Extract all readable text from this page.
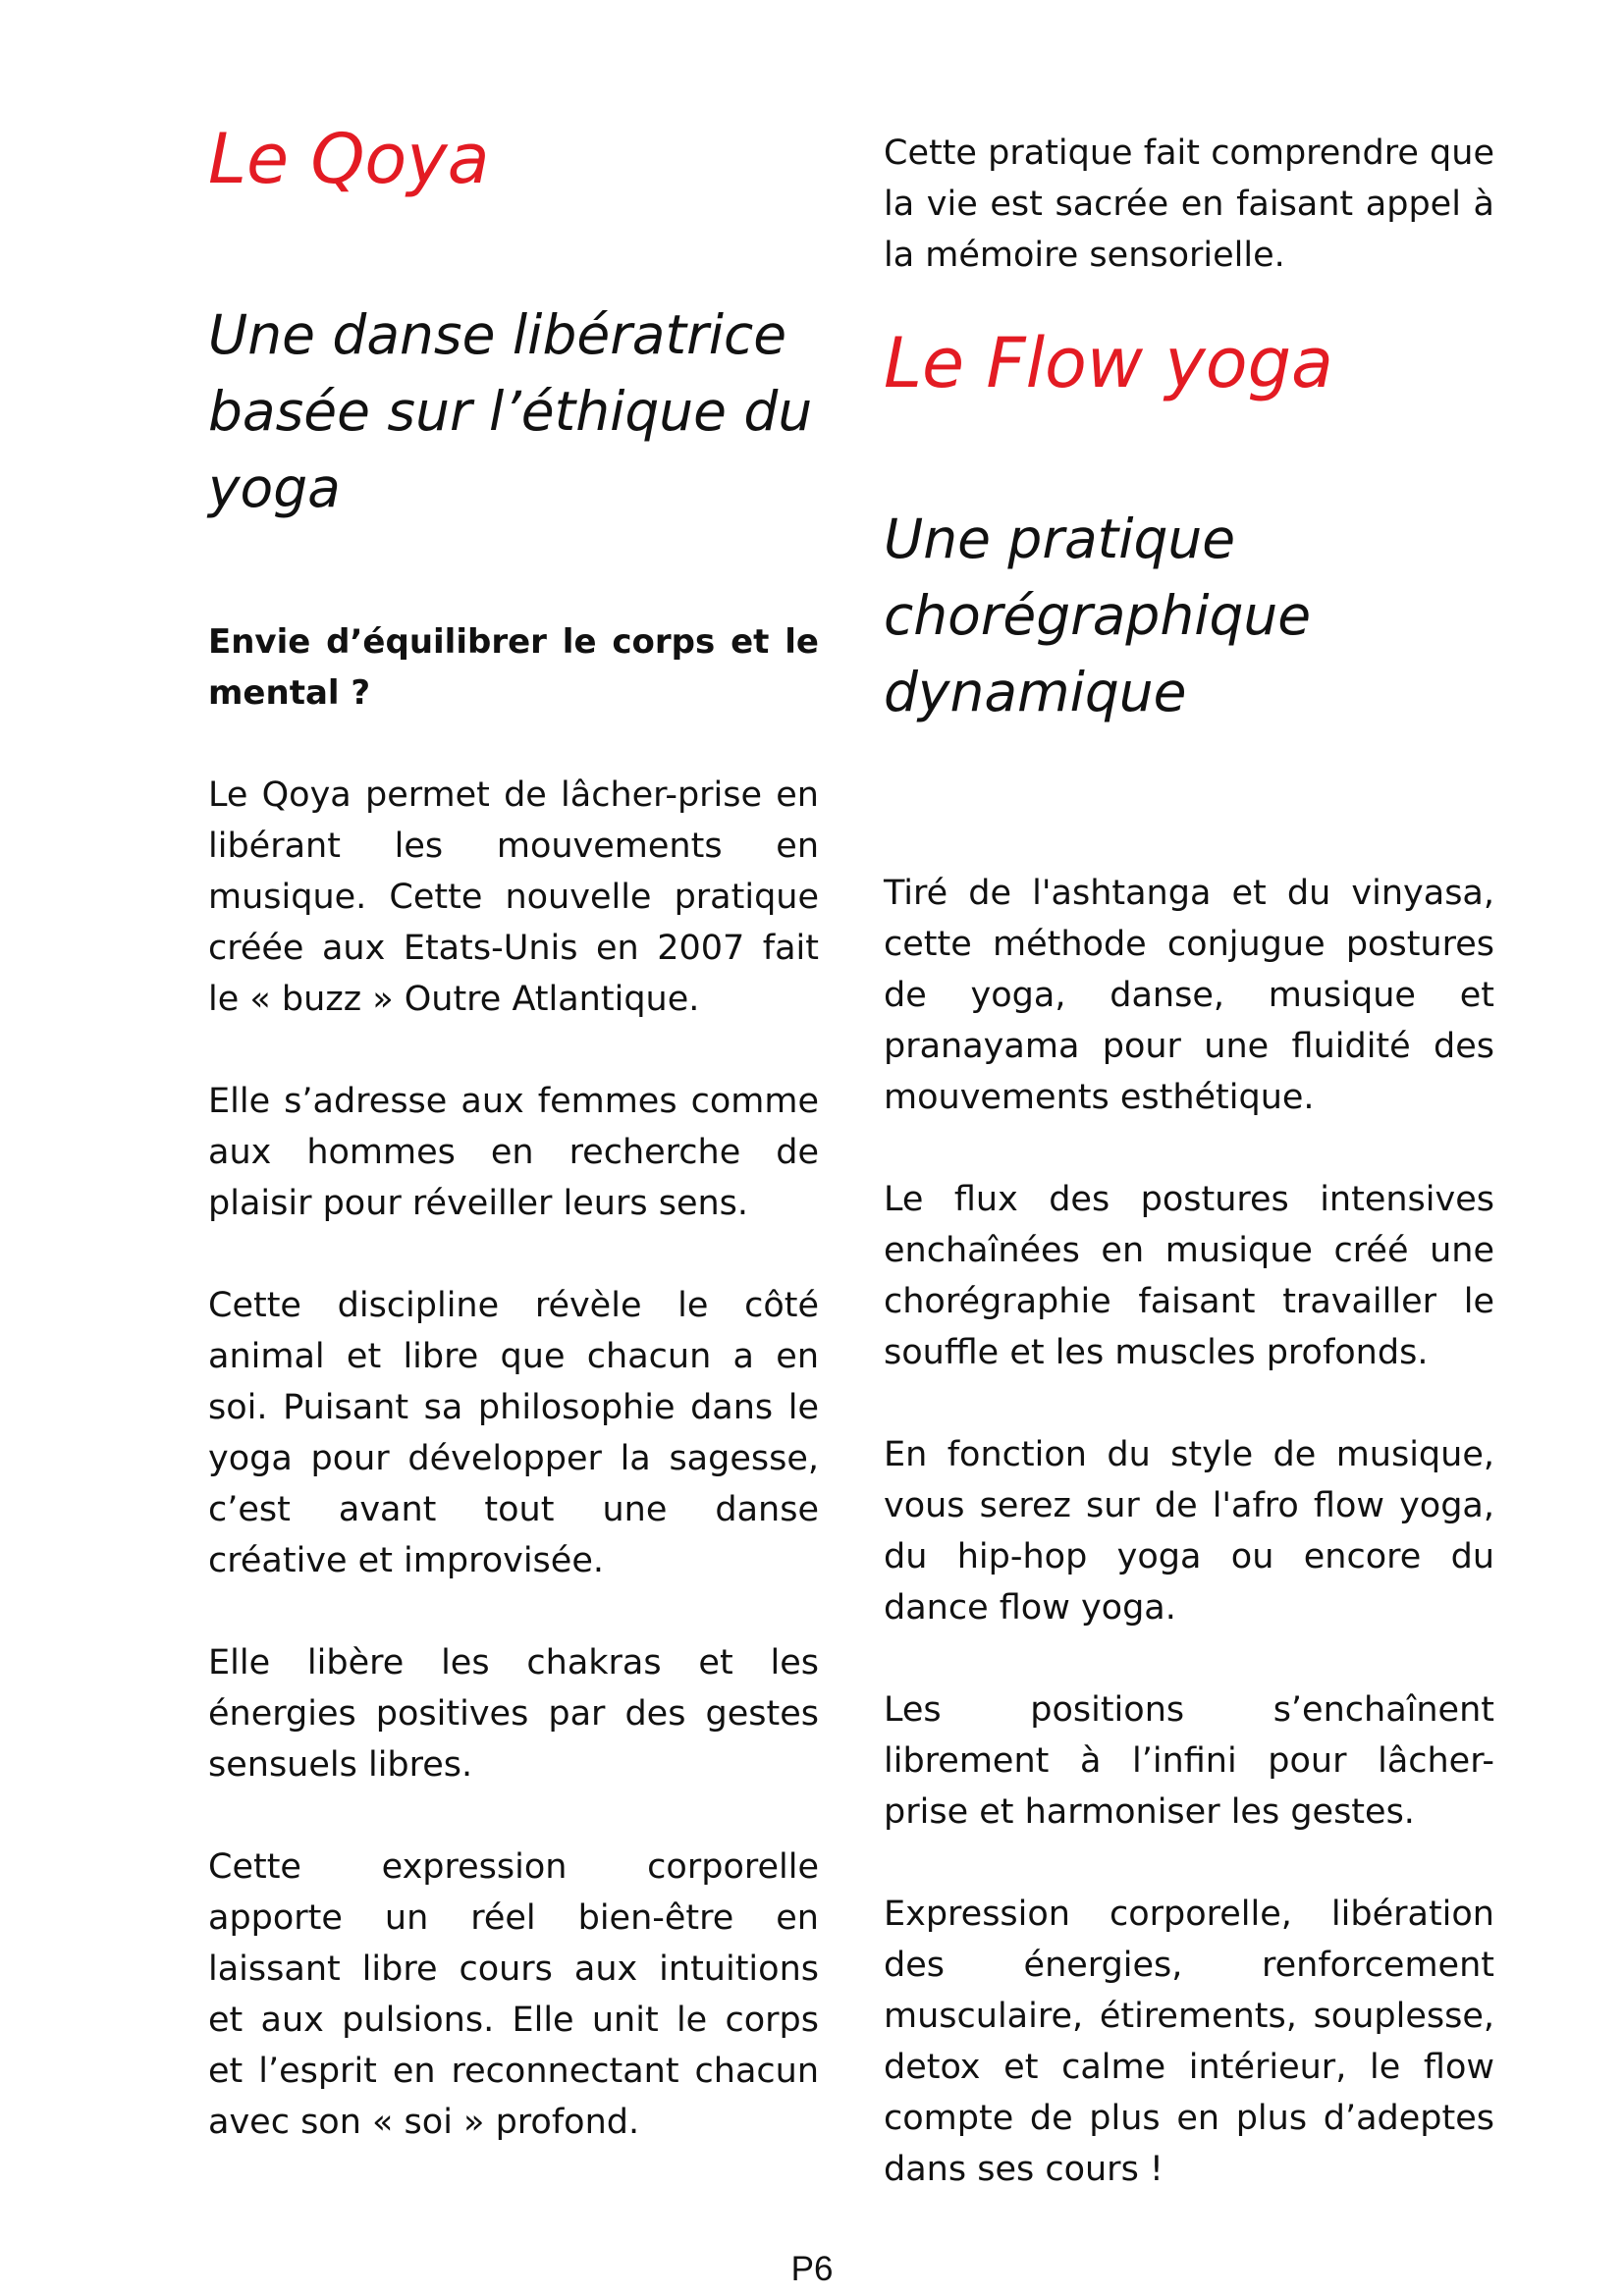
Le Qoya
Une danse libératrice basée sur l’éthique du yoga

Envie d’équilibrer le corps et le mental ?

Le Qoya permet de lâcher-prise en libérant les mouvements en musique. Cette nouvelle pratique créée aux Etats-Unis en 2007 fait le « buzz » Outre Atlantique.

Elle s’adresse aux femmes comme aux hommes en recherche de plaisir pour réveiller leurs sens.

Cette discipline révèle le côté animal et libre que chacun a en soi. Puisant sa philosophie dans le yoga pour développer la sagesse, c’est avant tout une danse créative et improvisée.

Elle libère les chakras et les énergies positives par des gestes sensuels libres.

Cette expression corporelle apporte un réel bien-être en laissant libre cours aux intuitions et aux pulsions. Elle unit le corps et l’esprit en reconnectant chacun avec son « soi » profond.

Cette pratique fait comprendre que la vie est sacrée en faisant appel à la mémoire sensorielle.

Le Flow yoga
Une pratique chorégraphique dynamique

Tiré de l'ashtanga et du vinyasa, cette méthode conjugue postures de yoga, danse, musique et pranayama pour une fluidité des mouvements esthétique.

Le flux des postures intensives enchaînées en musique créé une chorégraphie faisant travailler le souffle et les muscles profonds.

En fonction du style de musique, vous serez sur de l'afro flow yoga, du hip-hop yoga ou encore du dance flow yoga.

Les positions s’enchaînent librement à l’infini pour lâcher-prise et harmoniser les gestes.

Expression corporelle, libération des énergies, renforcement musculaire, étirements, souplesse, detox et calme intérieur, le flow compte de plus en plus d’adeptes dans ses cours !

P6
